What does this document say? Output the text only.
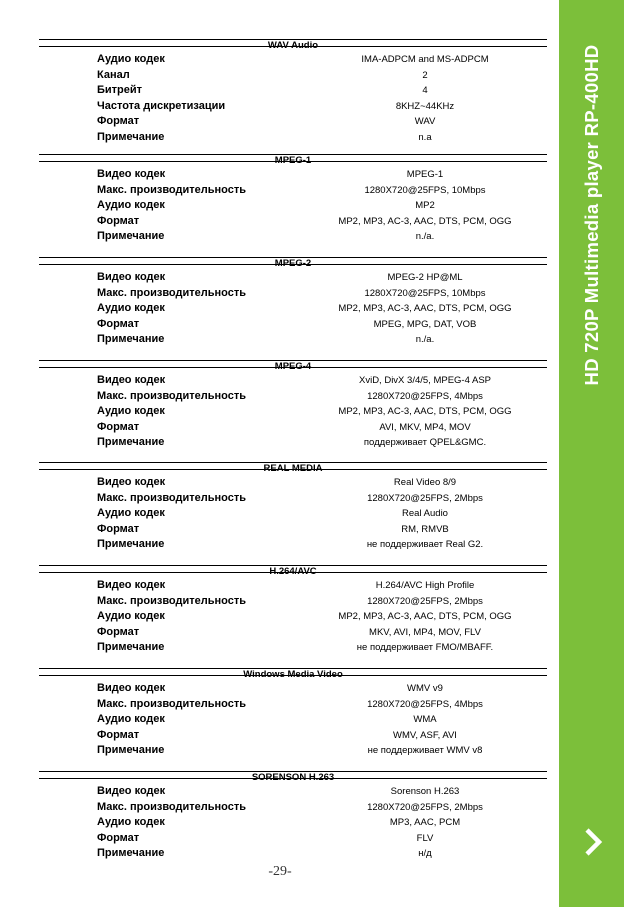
WAV Audio
Аудио кодек	IMA-ADPCM and MS-ADPCM
Канал	2
Битрейт	4
Частота дискретизации	8KHZ~44KHz
Формат	WAV
Примечание	n.a
MPEG-1
Видео кодек	MPEG-1
Макс. производительность	1280X720@25FPS, 10Mbps
Аудио кодек	MP2
Формат	MP2, MP3, AC-3, AAC, DTS, PCM, OGG
Примечание	n./a.
MPEG-2
Видео кодек	MPEG-2 HP@ML
Макс. производительность	1280X720@25FPS, 10Mbps
Аудио кодек	MP2, MP3, AC-3, AAC, DTS, PCM, OGG
Формат	MPEG, MPG, DAT, VOB
Примечание	n./a.
MPEG-4
Видео кодек	XviD, DivX 3/4/5, MPEG-4 ASP
Макс. производительность	1280X720@25FPS, 4Mbps
Аудио кодек	MP2, MP3, AC-3, AAC, DTS, PCM, OGG
Формат	AVI, MKV, MP4, MOV
Примечание	поддерживает QPEL&GMC.
REAL MEDIA
Видео кодек	Real Video 8/9
Макс. производительность	1280X720@25FPS, 2Mbps
Аудио кодек	Real Audio
Формат	RM, RMVB
Примечание	не поддерживает Real G2.
H.264/AVC
Видео кодек	H.264/AVC High Profile
Макс. производительность	1280X720@25FPS, 2Mbps
Аудио кодек	MP2, MP3, AC-3, AAC, DTS, PCM, OGG
Формат	MKV, AVI, MP4, MOV, FLV
Примечание	не поддерживает FMO/MBAFF.
Windows Media Video
Видео кодек	WMV v9
Макс. производительность	1280X720@25FPS, 4Mbps
Аудио кодек	WMA
Формат	WMV, ASF, AVI
Примечание	не поддерживает WMV v8
SORENSON H.263
Видео кодек	Sorenson H.263
Макс. производительность	1280X720@25FPS, 2Mbps
Аудио кодек	MP3, AAC, PCM
Формат	FLV
Примечание	н/д
HD 720P Multimedia player RP-400HD
-29-
